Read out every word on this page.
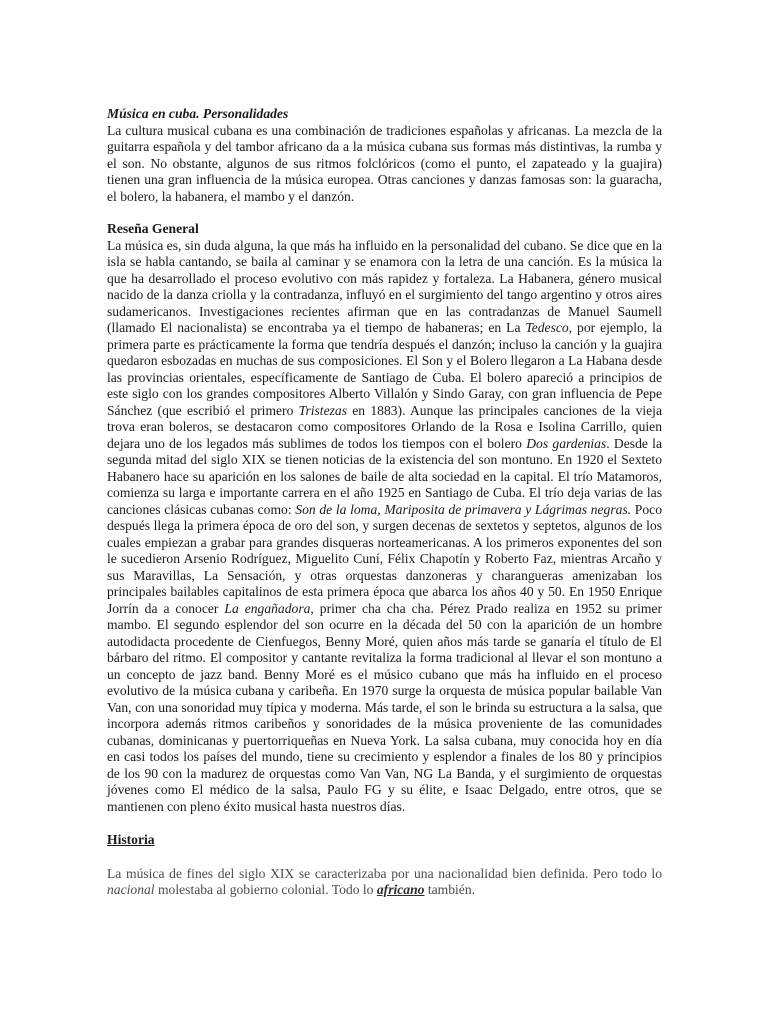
Música en cuba. Personalidades

La cultura musical cubana es una combinación de tradiciones españolas y africanas. La mezcla de la guitarra española y del tambor africano da a la música cubana sus formas más distintivas, la rumba y el son. No obstante, algunos de sus ritmos folclóricos (como el punto, el zapateado y la guajira) tienen una gran influencia de la música europea. Otras canciones y danzas famosas son: la guaracha, el bolero, la habanera, el mambo y el danzón.

Reseña General

La música es, sin duda alguna, la que más ha influido en la personalidad del cubano. Se dice que en la isla se habla cantando, se baila al caminar y se enamora con la letra de una canción. Es la música la que ha desarrollado el proceso evolutivo con más rapidez y fortaleza. La Habanera, género musical nacido de la danza criolla y la contradanza, influyó en el surgimiento del tango argentino y otros aires sudamericanos. Investigaciones recientes afirman que en las contradanzas de Manuel Saumell (llamado El nacionalista) se encontraba ya el tiempo de habaneras; en La Tedesco, por ejemplo, la primera parte es prácticamente la forma que tendría después el danzón; incluso la canción y la guajira quedaron esbozadas en muchas de sus composiciones. El Son y el Bolero llegaron a La Habana desde las provincias orientales, específicamente de Santiago de Cuba. El bolero apareció a principios de este siglo con los grandes compositores Alberto Villalón y Sindo Garay, con gran influencia de Pepe Sánchez (que escribió el primero Tristezas en 1883). Aunque las principales canciones de la vieja trova eran boleros, se destacaron como compositores Orlando de la Rosa e Isolina Carrillo, quien dejara uno de los legados más sublimes de todos los tiempos con el bolero Dos gardenias. Desde la segunda mitad del siglo XIX se tienen noticias de la existencia del son montuno. En 1920 el Sexteto Habanero hace su aparición en los salones de baile de alta sociedad en la capital. El trío Matamoros, comienza su larga e importante carrera en el año 1925 en Santiago de Cuba. El trío deja varias de las canciones clásicas cubanas como: Son de la loma, Mariposita de primavera y Lágrimas negras. Poco después llega la primera época de oro del son, y surgen decenas de sextetos y septetos, algunos de los cuales empiezan a grabar para grandes disqueras norteamericanas. A los primeros exponentes del son le sucedieron Arsenio Rodríguez, Miguelito Cuní, Félix Chapotín y Roberto Faz, mientras Arcaño y sus Maravillas, La Sensación, y otras orquestas danzoneras y charangueras amenizaban los principales bailables capitalinos de esta primera época que abarca los años 40 y 50. En 1950 Enrique Jorrín da a conocer La engañadora, primer cha cha cha. Pérez Prado realiza en 1952 su primer mambo. El segundo esplendor del son ocurre en la década del 50 con la aparición de un hombre autodidacta procedente de Cienfuegos, Benny Moré, quien años más tarde se ganaría el título de El bárbaro del ritmo. El compositor y cantante revitaliza la forma tradicional al llevar el son montuno a un concepto de jazz band. Benny Moré es el músico cubano que más ha influido en el proceso evolutivo de la música cubana y caribeña. En 1970 surge la orquesta de música popular bailable Van Van, con una sonoridad muy típica y moderna. Más tarde, el son le brinda su estructura a la salsa, que incorpora además ritmos caribeños y sonoridades de la música proveniente de las comunidades cubanas, dominicanas y puertorriqueñas en Nueva York. La salsa cubana, muy conocida hoy en día en casi todos los países del mundo, tiene su crecimiento y esplendor a finales de los 80 y principios de los 90 con la madurez de orquestas como Van Van, NG La Banda, y el surgimiento de orquestas jóvenes como El médico de la salsa, Paulo FG y su élite, e Isaac Delgado, entre otros, que se mantienen con pleno éxito musical hasta nuestros días.

Historia

La música de fines del siglo XIX se caracterizaba por una nacionalidad bien definida. Pero todo lo nacional molestaba al gobierno colonial. Todo lo africano también.
